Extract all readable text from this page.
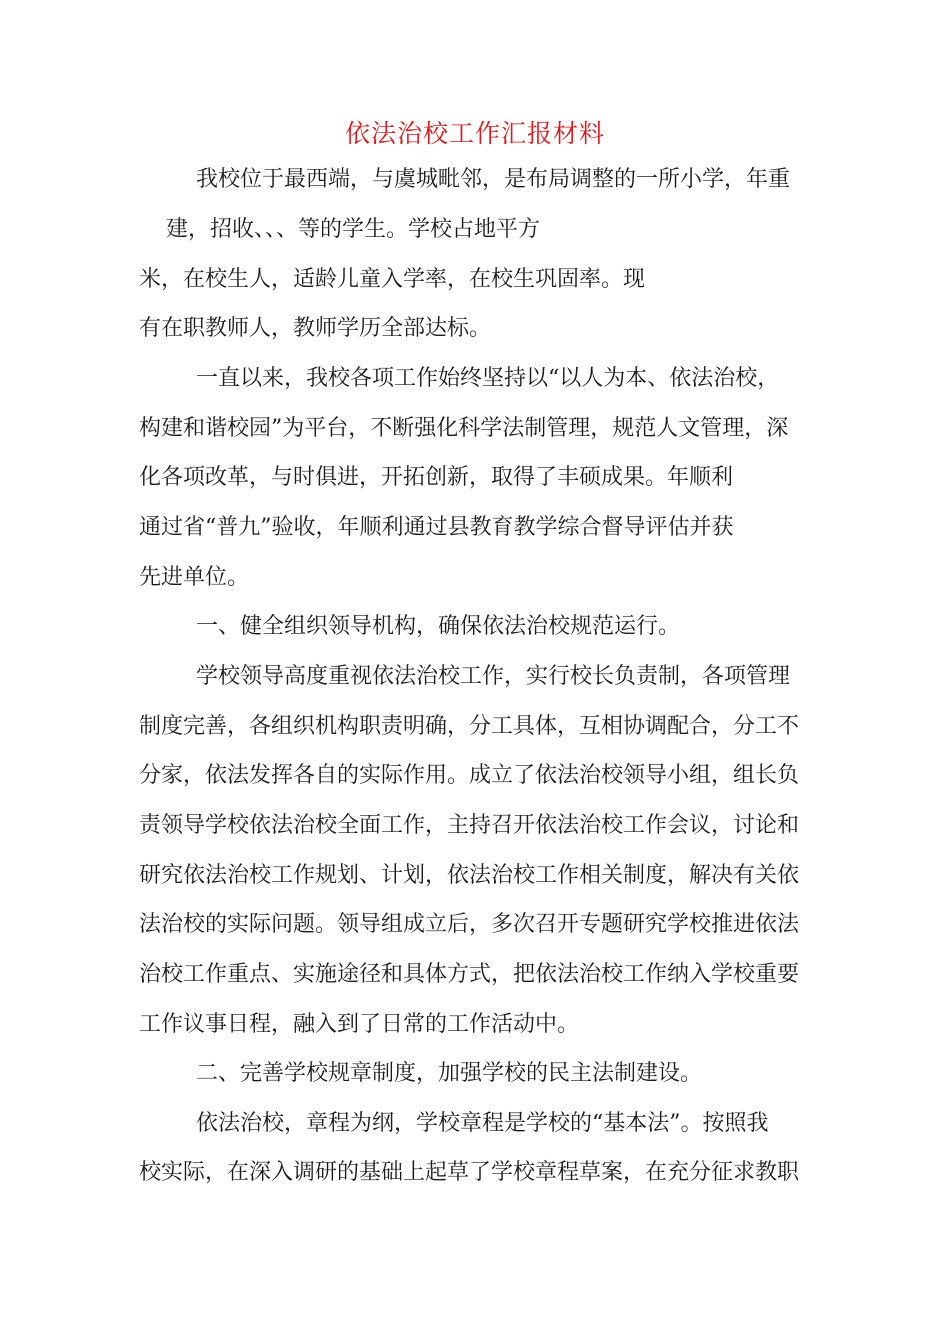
依法治校工作汇报材料
我校位于最西端，与虞城毗邻，是布局调整的一所小学，年重
建，招收、、、等的学生。学校占地平方
米，在校生人，适龄儿童入学率，在校生巩固率。现
有在职教师人，教师学历全部达标。
一直以来，我校各项工作始终坚持以“以人为本、依法治校，
构建和谐校园”为平台，不断强化科学法制管理，规范人文管理，深
化各项改革，与时俱进，开拓创新，取得了丰硕成果。年顺利
通过省“普九”验收，年顺利通过县教育教学综合督导评估并获
先进单位。
一、健全组织领导机构，确保依法治校规范运行。
学校领导高度重视依法治校工作，实行校长负责制，各项管理
制度完善，各组织机构职责明确，分工具体，互相协调配合，分工不
分家，依法发挥各自的实际作用。成立了依法治校领导小组，组长负
责领导学校依法治校全面工作，主持召开依法治校工作会议，讨论和
研究依法治校工作规划、计划，依法治校工作相关制度，解决有关依
法治校的实际问题。领导组成立后，多次召开专题研究学校推进依法
治校工作重点、实施途径和具体方式，把依法治校工作纳入学校重要
工作议事日程，融入到了日常的工作活动中。
二、完善学校规章制度，加强学校的民主法制建设。
依法治校，章程为纲，学校章程是学校的“基本法”。按照我
校实际，在深入调研的基础上起草了学校章程草案，在充分征求教职
